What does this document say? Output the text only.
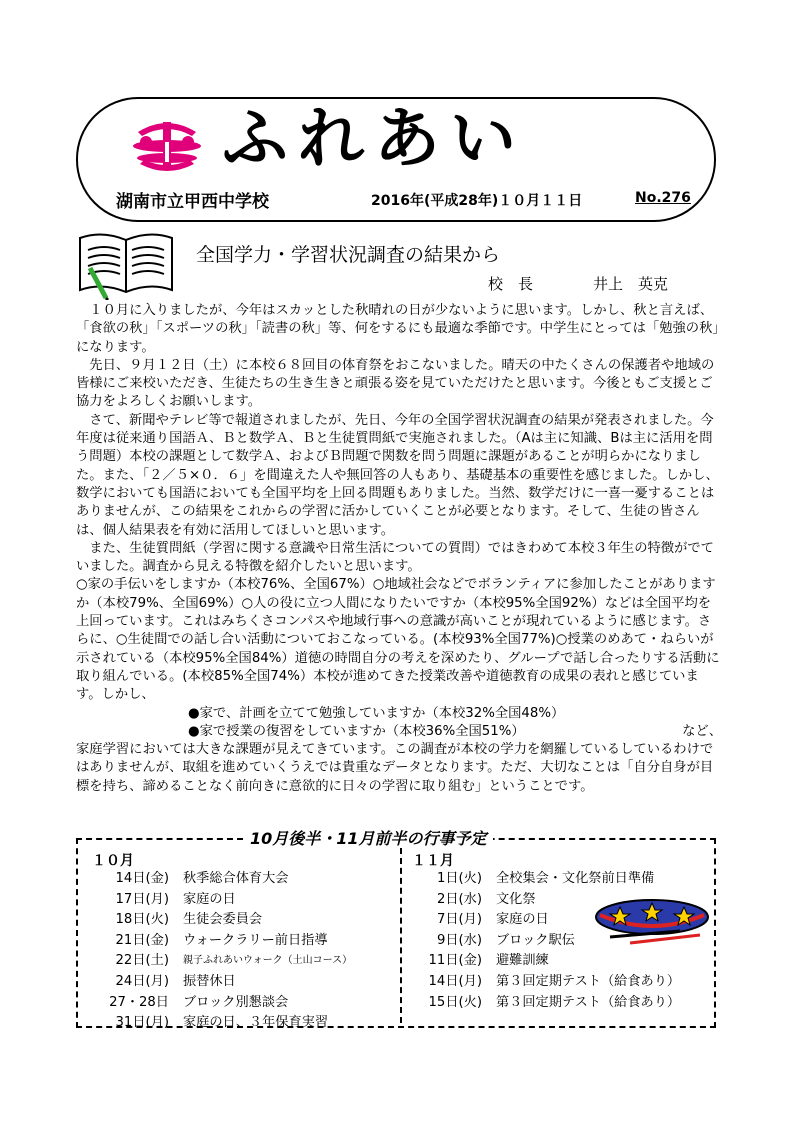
ふれあい
湖南市立甲西中学校	2016年(平成28年)１０月１１日	No.276
全国学力・学習状況調査の結果から
校　長　　　　井上　英克

　１０月に入りましたが、今年はスカッとした秋晴れの日が少ないように思います。しかし、秋と言えば、「食欲の秋」「スポーツの秋」「読書の秋」等、何をするにも最適な季節です。中学生にとっては「勉強の秋」になります。

　先日、９月１２日（土）に本校６８回目の体育祭をおこないました。晴天の中たくさんの保護者や地域の皆様にご来校いただき、生徒たちの生き生きと頑張る姿を見ていただけたと思います。今後ともご支援とご協力をよろしくお願いします。

　さて、新聞やテレビ等で報道されましたが、先日、今年の全国学習状況調査の結果が発表されました。今年度は従来通り国語Ａ、Ｂと数学Ａ、Ｂと生徒質問紙で実施されました。（Aは主に知識、Bは主に活用を問う問題）本校の課題として数学Ａ、およびＢ問題で関数を問う問題に課題があることが明らかになりました。また、「２／５×０．６」を間違えた人や無回答の人もあり、基礎基本の重要性を感じました。しかし、数学においても国語においても全国平均を上回る問題もありました。当然、数学だけに一喜一憂することはありませんが、この結果をこれからの学習に活かしていくことが必要となります。そして、生徒の皆さんは、個人結果表を有効に活用してほしいと思います。

　また、生徒質問紙（学習に関する意識や日常生活についての質問）ではきわめて本校３年生の特徴がでていました。調査から見える特徴を紹介したいと思います。

○家の手伝いをしますか（本校76%、全国67%）○地域社会などでボランティアに参加したことがありますか（本校79%、全国69%）○人の役に立つ人間になりたいですか（本校95%全国92%）などは全国平均を上回っています。これはみちくさコンパスや地域行事への意識が高いことが現れているように感じます。さらに、○生徒間での話し合い活動についておこなっている。(本校93%全国77%)○授業のめあて・ねらいが示されている（本校95%全国84%）道徳の時間自分の考えを深めたり、グループで話し合ったりする活動に取り組んでいる。(本校85%全国74%）本校が進めてきた授業改善や道徳教育の成果の表れと感じています。しかし、

●家で、計画を立てて勉強していますか（本校32%全国48%）

●家で授業の復習をしていますか（本校36%全国51%）	など、

家庭学習においては大きな課題が見えてきています。この調査が本校の学力を網羅しているしているわけではありませんが、取組を進めていくうえでは貴重なデータとなります。ただ、大切なことは「自分自身が目標を持ち、諦めることなく前向きに意欲的に日々の学習に取り組む」ということです。

10月後半・11月前半の行事予定
１０月	１１月
14日(金) 秋季総合体育大会
17日(月) 家庭の日
18日(火) 生徒会委員会
21日(金) ウォークラリー前日指導
22日(土) 親子ふれあいウォーク（土山コース）
24日(月) 振替休日
27・28日 ブロック別懇談会
31日(月) 家庭の日、３年保育実習
1日(火) 全校集会・文化祭前日準備
2日(水) 文化祭
7日(月) 家庭の日
9日(水) ブロック駅伝
11日(金) 避難訓練
14日(月) 第３回定期テスト（給食あり）
15日(火) 第３回定期テスト（給食あり）
